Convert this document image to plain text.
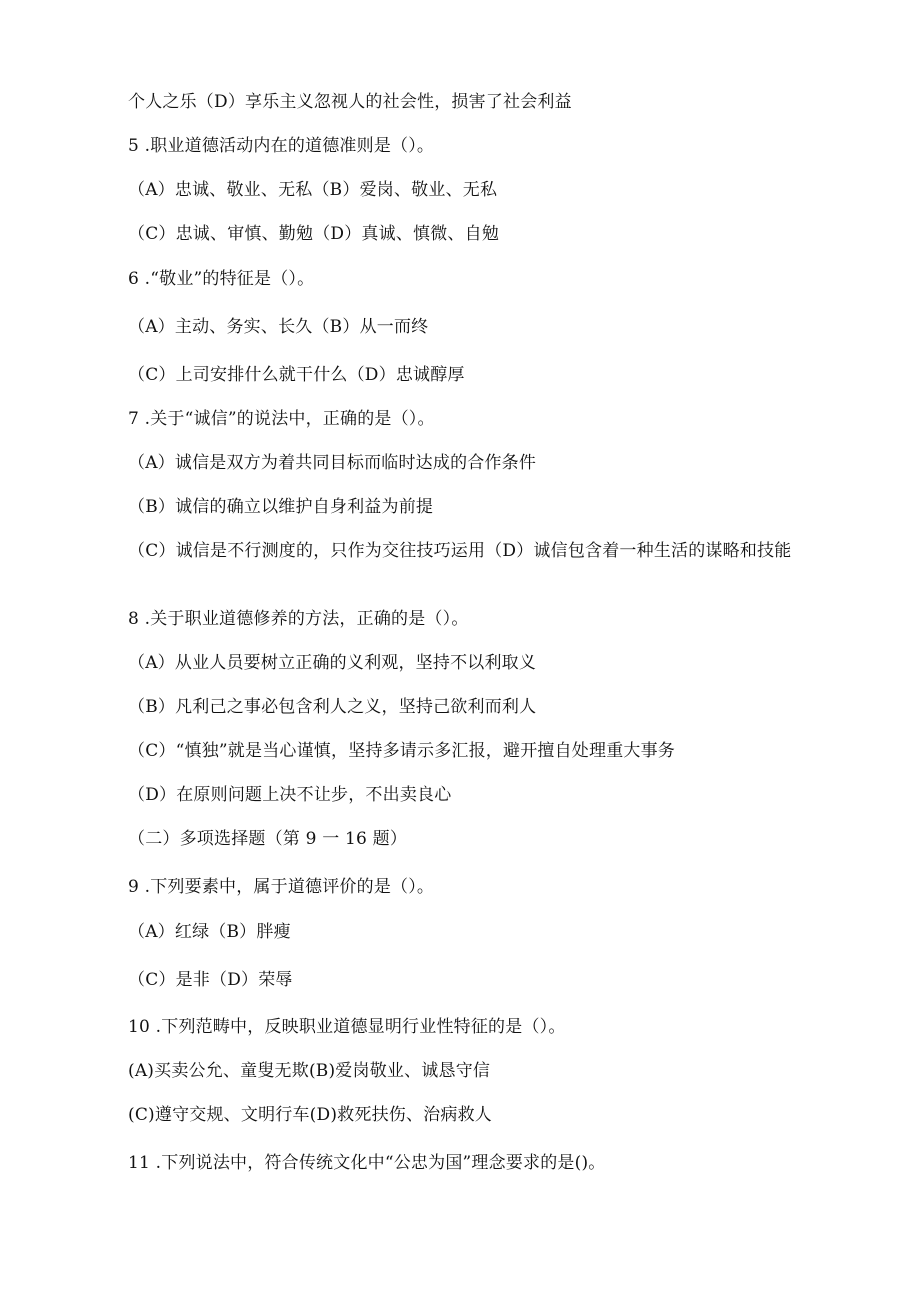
个人之乐（D）享乐主义忽视人的社会性，损害了社会利益
5 .职业道德活动内在的道德准则是（）。
（A）忠诚、敬业、无私（B）爱岗、敬业、无私
（C）忠诚、审慎、勤勉（D）真诚、慎微、自勉
6 .“敬业”的特征是（）。
（A）主动、务实、长久（B）从一而终
（C）上司安排什么就干什么（D）忠诚醇厚
7 .关于“诚信”的说法中，正确的是（）。
（A）诚信是双方为着共同目标而临时达成的合作条件
（B）诚信的确立以维护自身利益为前提
（C）诚信是不行测度的，只作为交往技巧运用（D）诚信包含着一种生活的谋略和技能
8 .关于职业道德修养的方法，正确的是（）。
（A）从业人员要树立正确的义利观，坚持不以利取义
（B）凡利己之事必包含利人之义，坚持己欲利而利人
（C）“慎独”就是当心谨慎，坚持多请示多汇报，避开擅自处理重大事务
（D）在原则问题上决不让步，不出卖良心
（二）多项选择题（第 9 一 16 题）
9 .下列要素中，属于道德评价的是（）。
（A）红绿（B）胖瘦
（C）是非（D）荣辱
10 .下列范畴中，反映职业道德显明行业性特征的是（）。
(A)买卖公允、童叟无欺(B)爱岗敬业、诚恳守信
(C)遵守交规、文明行车(D)救死扶伤、治病救人
11 .下列说法中，符合传统文化中“公忠为国”理念要求的是()。
